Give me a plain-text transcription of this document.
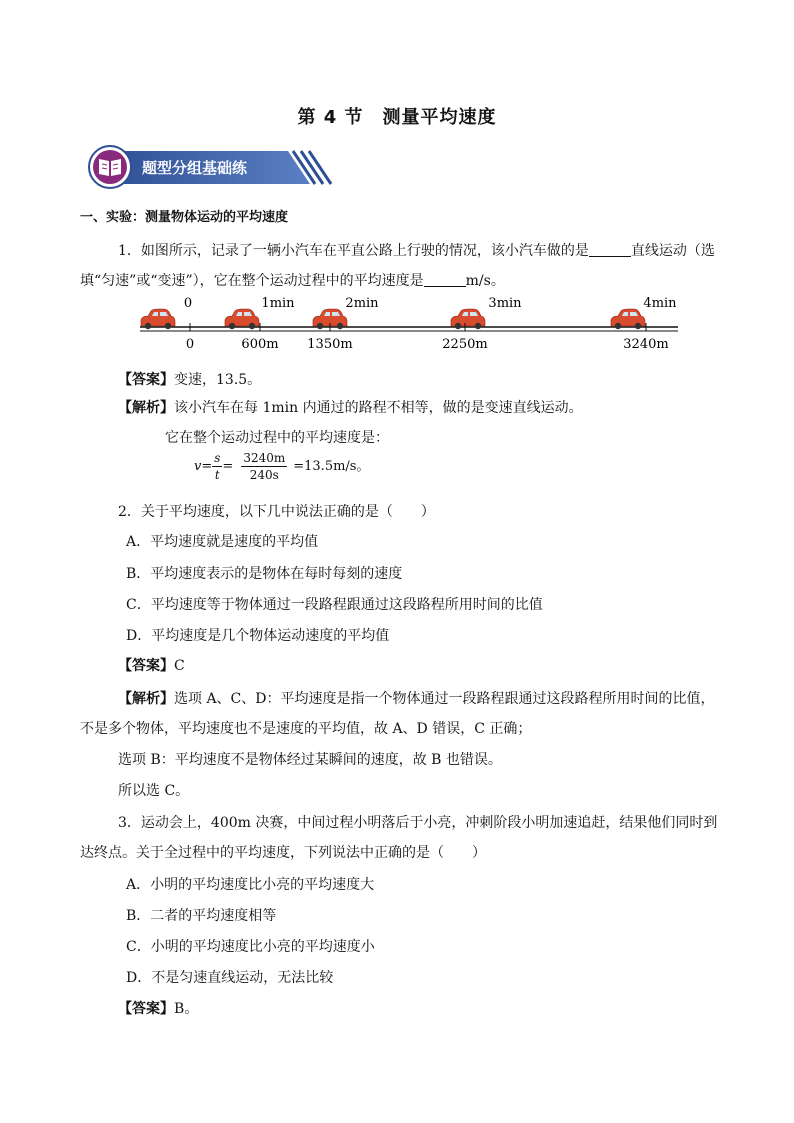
第 4 节　测量平均速度
题型分组基础练
一、实验：测量物体运动的平均速度
1．如图所示，记录了一辆小汽车在平直公路上行驶的情况，该小汽车做的是	直线运动（选
填“匀速”或“变速”），它在整个运动过程中的平均速度是	m/s。
0	1min	2min	3min	4min
0	600m 1350m	2250m	3240m
【答案】变速，13.5。
【解析】该小汽车在每 1min 内通过的路程不相等，做的是变速直线运动。
它在整个运动过程中的平均速度是：
$v= \frac{s}{t} = \frac{3240m}{240s} =13.5m/s$。
2．关于平均速度，以下几中说法正确的是（　　）
A．平均速度就是速度的平均值
B．平均速度表示的是物体在每时每刻的速度
C．平均速度等于物体通过一段路程跟通过这段路程所用时间的比值
D．平均速度是几个物体运动速度的平均值
【答案】C
【解析】选项 A、C、D：平均速度是指一个物体通过一段路程跟通过这段路程所用时间的比值，
不是多个物体，平均速度也不是速度的平均值，故 A、D 错误，C 正确；
选项 B：平均速度不是物体经过某瞬间的速度，故 B 也错误。
所以选 C。
3．运动会上，400m 决赛，中间过程小明落后于小亮，冲刺阶段小明加速追赶，结果他们同时到
达终点。关于全过程中的平均速度，下列说法中正确的是（　　）
A．小明的平均速度比小亮的平均速度大
B．二者的平均速度相等
C．小明的平均速度比小亮的平均速度小
D．不是匀速直线运动，无法比较
【答案】B。
